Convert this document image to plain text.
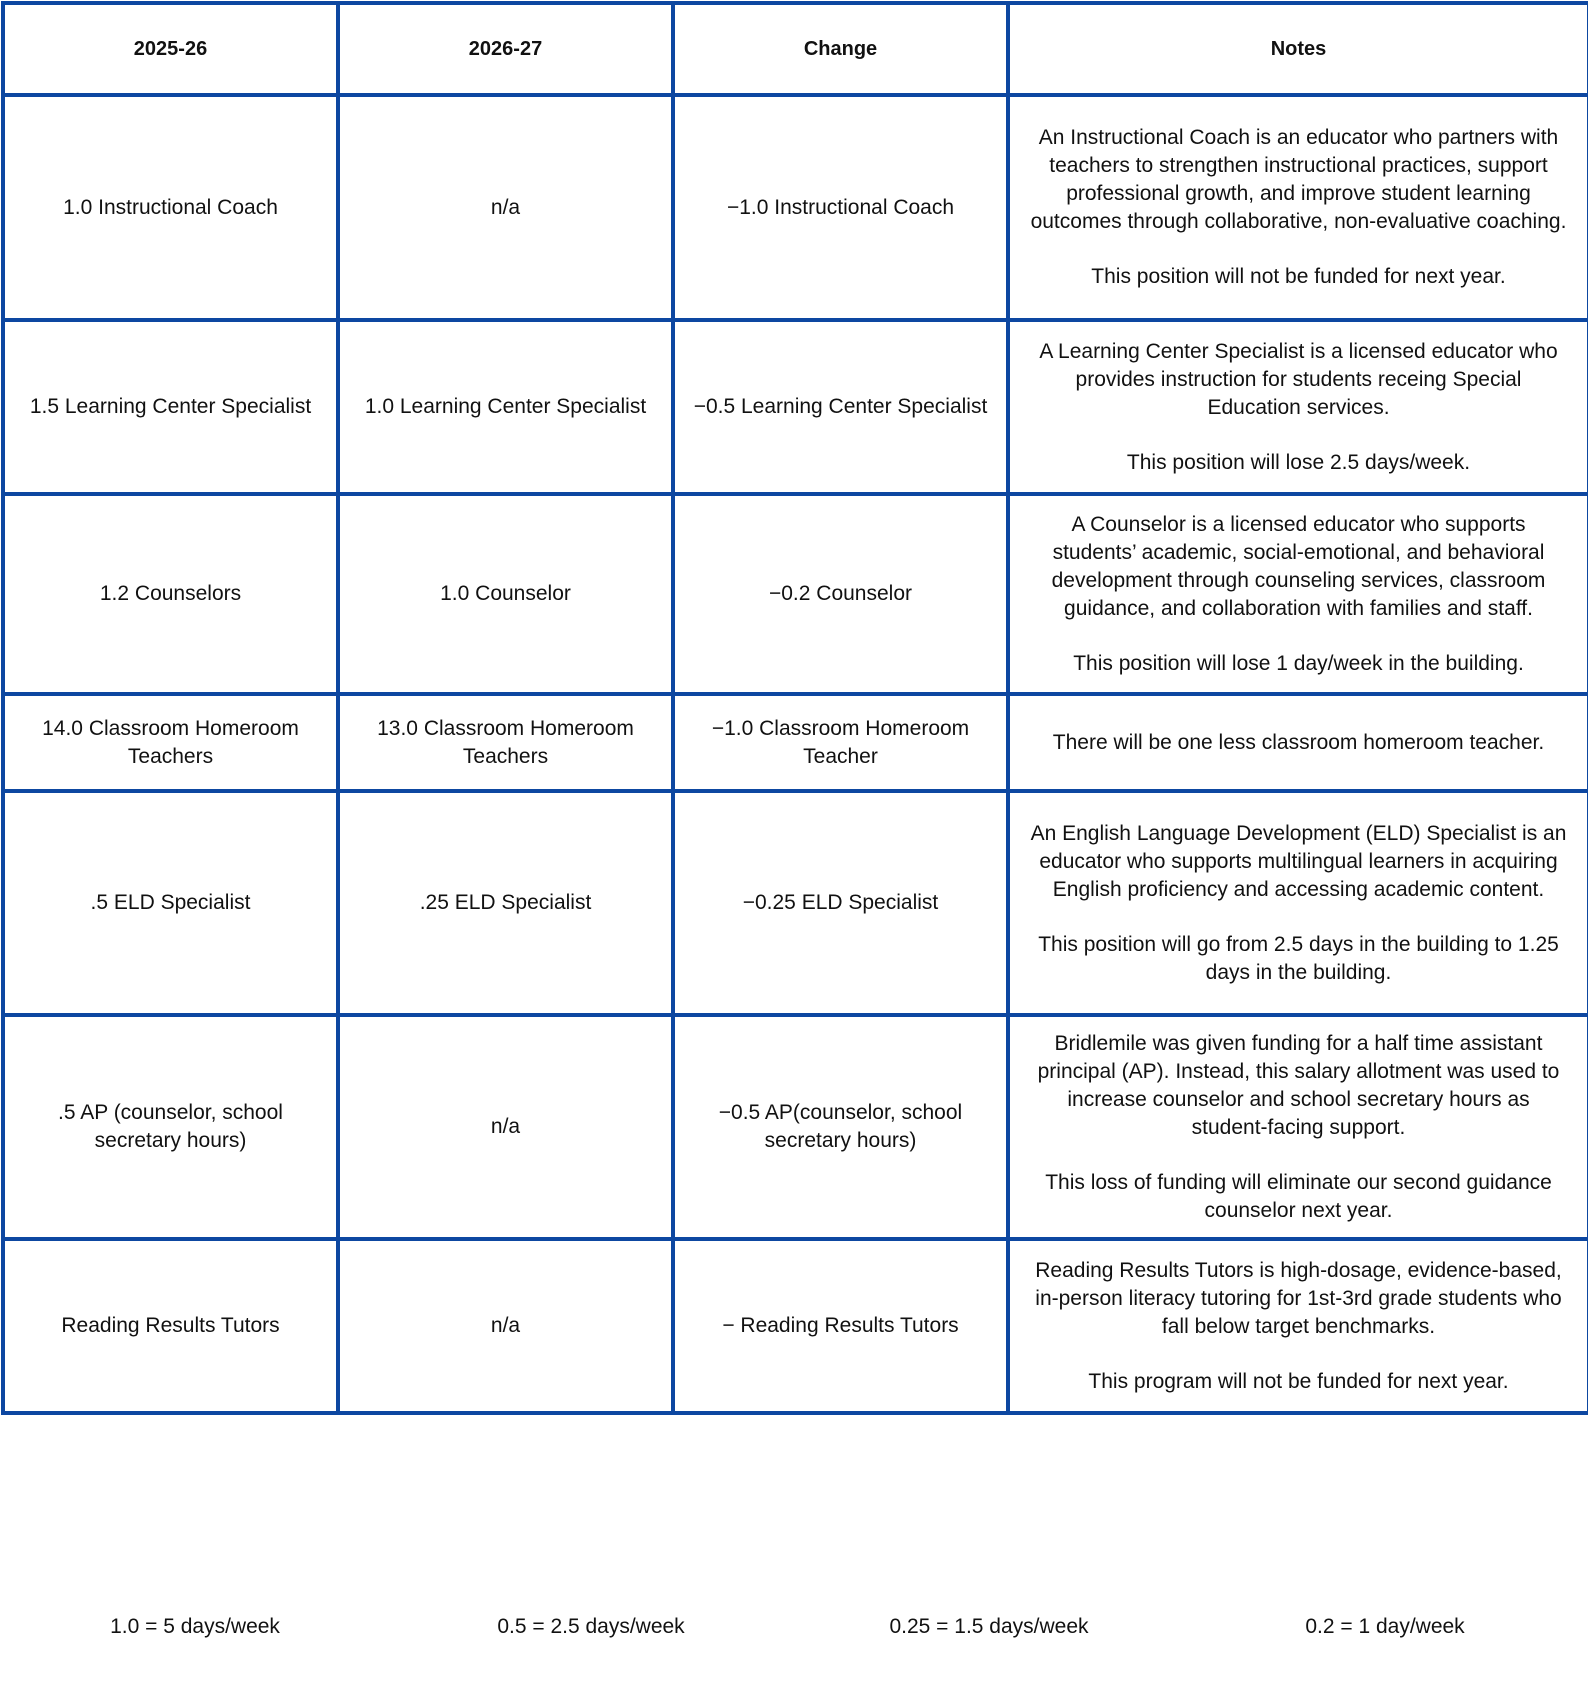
2025-26	2026-27	Change	Notes
1.0 Instructional Coach	n/a	−1.0 Instructional Coach	An Instructional Coach is an educator who partners with teachers to strengthen instructional practices, support professional growth, and improve student learning outcomes through collaborative, non-evaluative coaching.

This position will not be funded for next year.

1.5 Learning Center Specialist	1.0 Learning Center Specialist	−0.5 Learning Center Specialist	A Learning Center Specialist is a licensed educator who provides instruction for students receing Special Education services.

This position will lose 2.5 days/week.

1.2 Counselors	1.0 Counselor	−0.2 Counselor	A Counselor is a licensed educator who supports students’ academic, social-emotional, and behavioral development through counseling services, classroom guidance, and collaboration with families and staff.

This position will lose 1 day/week in the building.

14.0 Classroom Homeroom Teachers	13.0 Classroom Homeroom Teachers	−1.0 Classroom Homeroom Teacher	There will be one less classroom homeroom teacher.

.5 ELD Specialist	.25 ELD Specialist	−0.25 ELD Specialist	An English Language Development (ELD) Specialist is an educator who supports multilingual learners in acquiring English proficiency and accessing academic content.

This position will go from 2.5 days in the building to 1.25 days in the building.

.5 AP (counselor, school secretary hours)	n/a	−0.5 AP(counselor, school secretary hours)	Bridlemile was given funding for a half time assistant principal (AP). Instead, this salary allotment was used to increase counselor and school secretary hours as student-facing support.

This loss of funding will eliminate our second guidance counselor next year.

Reading Results Tutors	n/a	− Reading Results Tutors	Reading Results Tutors is high-dosage, evidence-based, in-person literacy tutoring for 1st-3rd grade students who fall below target benchmarks.

This program will not be funded for next year.

1.0 = 5 days/week	0.5 = 2.5 days/week	0.25 = 1.5 days/week	0.2 = 1 day/week
